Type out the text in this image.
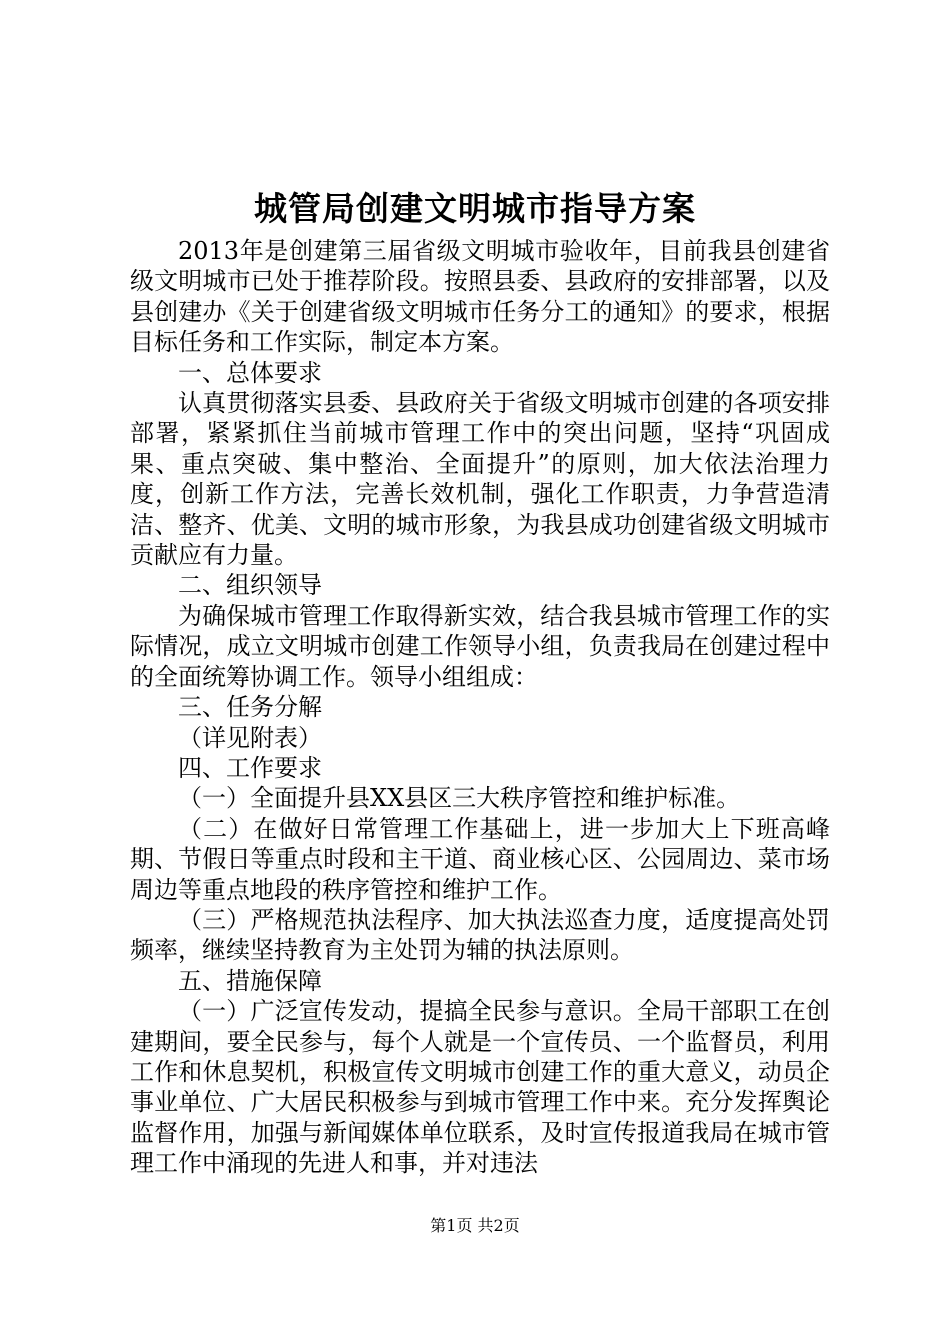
城管局创建文明城市指导方案

2013年是创建第三届省级文明城市验收年，目前我县创建省级文明城市已处于推荐阶段。按照县委、县政府的安排部署，以及县创建办《关于创建省级文明城市任务分工的通知》的要求，根据目标任务和工作实际，制定本方案。

一、总体要求

认真贯彻落实县委、县政府关于省级文明城市创建的各项安排部署，紧紧抓住当前城市管理工作中的突出问题，坚持“巩固成果、重点突破、集中整治、全面提升”的原则，加大依法治理力度，创新工作方法，完善长效机制，强化工作职责，力争营造清洁、整齐、优美、文明的城市形象，为我县成功创建省级文明城市贡献应有力量。

二、组织领导

为确保城市管理工作取得新实效，结合我县城市管理工作的实际情况，成立文明城市创建工作领导小组，负责我局在创建过程中的全面统筹协调工作。领导小组组成：

三、任务分解

（详见附表）

四、工作要求

（一）全面提升县XX县区三大秩序管控和维护标准。

（二）在做好日常管理工作基础上，进一步加大上下班高峰期、节假日等重点时段和主干道、商业核心区、公园周边、菜市场周边等重点地段的秩序管控和维护工作。

（三）严格规范执法程序、加大执法巡查力度，适度提高处罚频率，继续坚持教育为主处罚为辅的执法原则。

五、措施保障

（一）广泛宣传发动，提搞全民参与意识。全局干部职工在创建期间，要全民参与，每个人就是一个宣传员、一个监督员，利用工作和休息契机，积极宣传文明城市创建工作的重大意义，动员企事业单位、广大居民积极参与到城市管理工作中来。充分发挥舆论监督作用，加强与新闻媒体单位联系，及时宣传报道我局在城市管理工作中涌现的先进人和事，并对违法

第1页 共2页
